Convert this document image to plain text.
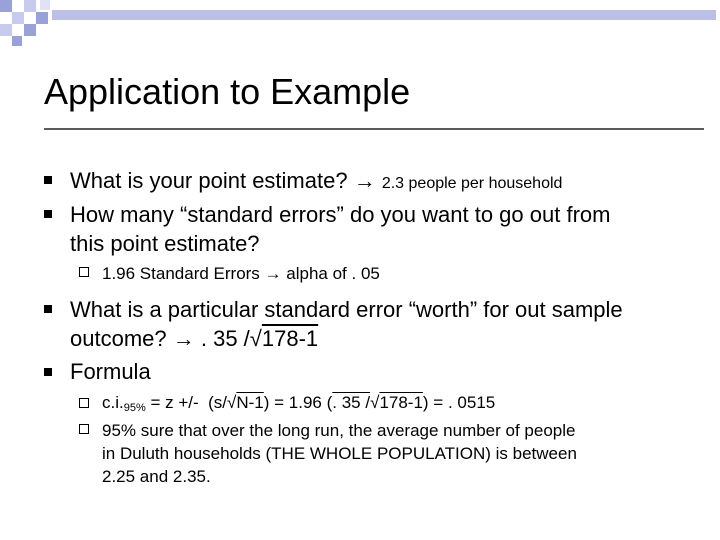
Application to Example
What is your point estimate? → 2.3 people per household
How many “standard errors” do you want to go out from
this point estimate?
1.96 Standard Errors → alpha of . 05
What is a particular standard error “worth” for out sample
outcome? → . 35 /√178-1
Formula
$c.i._{95\%} = z$ +/-  (s/√N-1) = 1.96 (. 35 /√178-1) = . 0515
95% sure that over the long run, the average number of people
in Duluth households (THE WHOLE POPULATION) is between
2.25 and 2.35.
